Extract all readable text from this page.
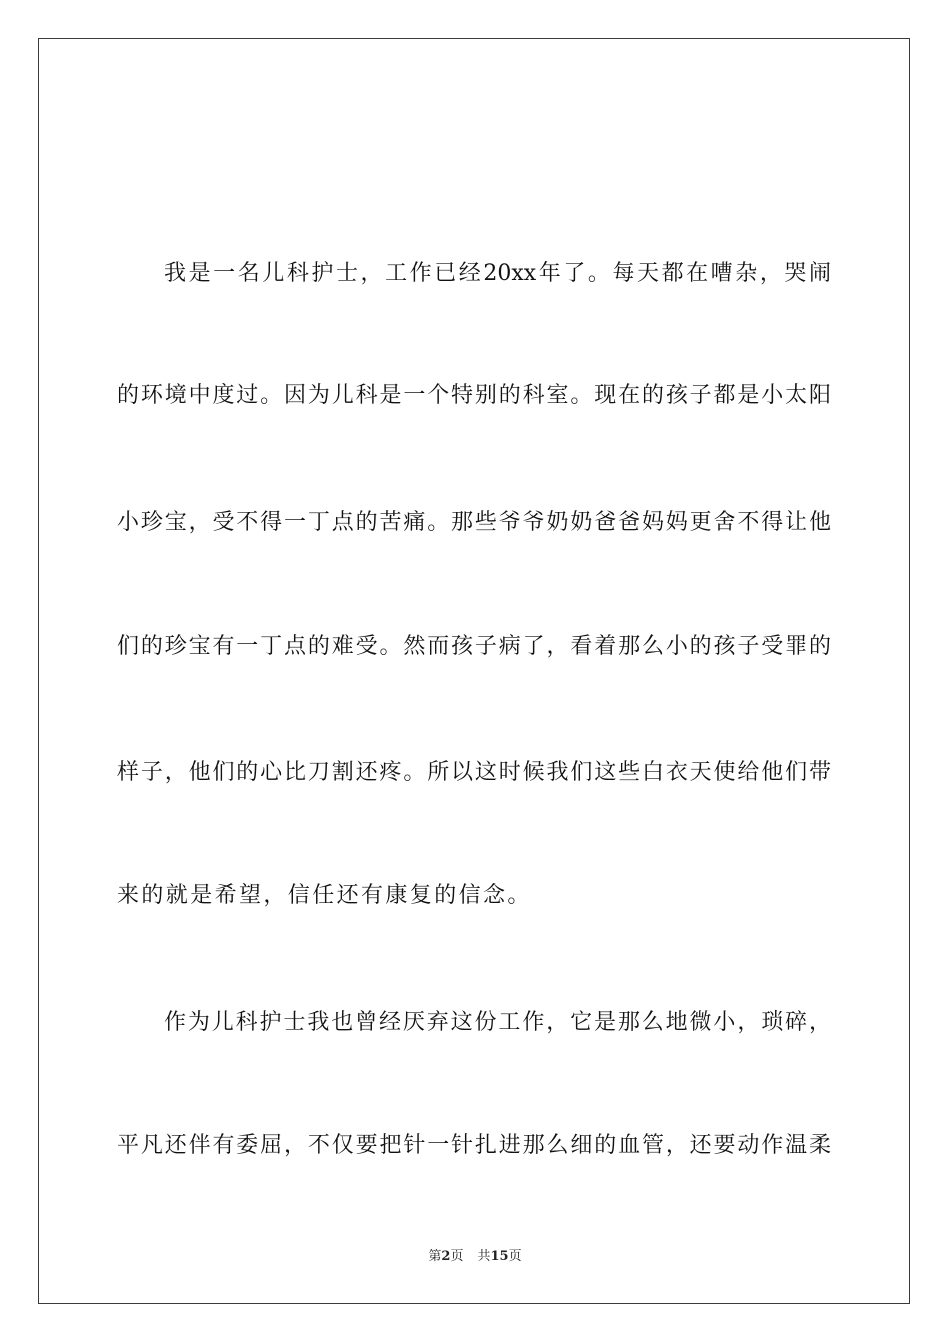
我是一名儿科护士，工作已经20xx年了。每天都在嘈杂，哭闹
的环境中度过。因为儿科是一个特别的科室。现在的孩子都是小太阳
小珍宝，受不得一丁点的苦痛。那些爷爷奶奶爸爸妈妈更舍不得让他
们的珍宝有一丁点的难受。然而孩子病了，看着那么小的孩子受罪的
样子，他们的心比刀割还疼。所以这时候我们这些白衣天使给他们带
来的就是希望，信任还有康复的信念。
作为儿科护士我也曾经厌弃这份工作，它是那么地微小，琐碎，
平凡还伴有委屈，不仅要把针一针扎进那么细的血管，还要动作温柔
第2页 共15页
